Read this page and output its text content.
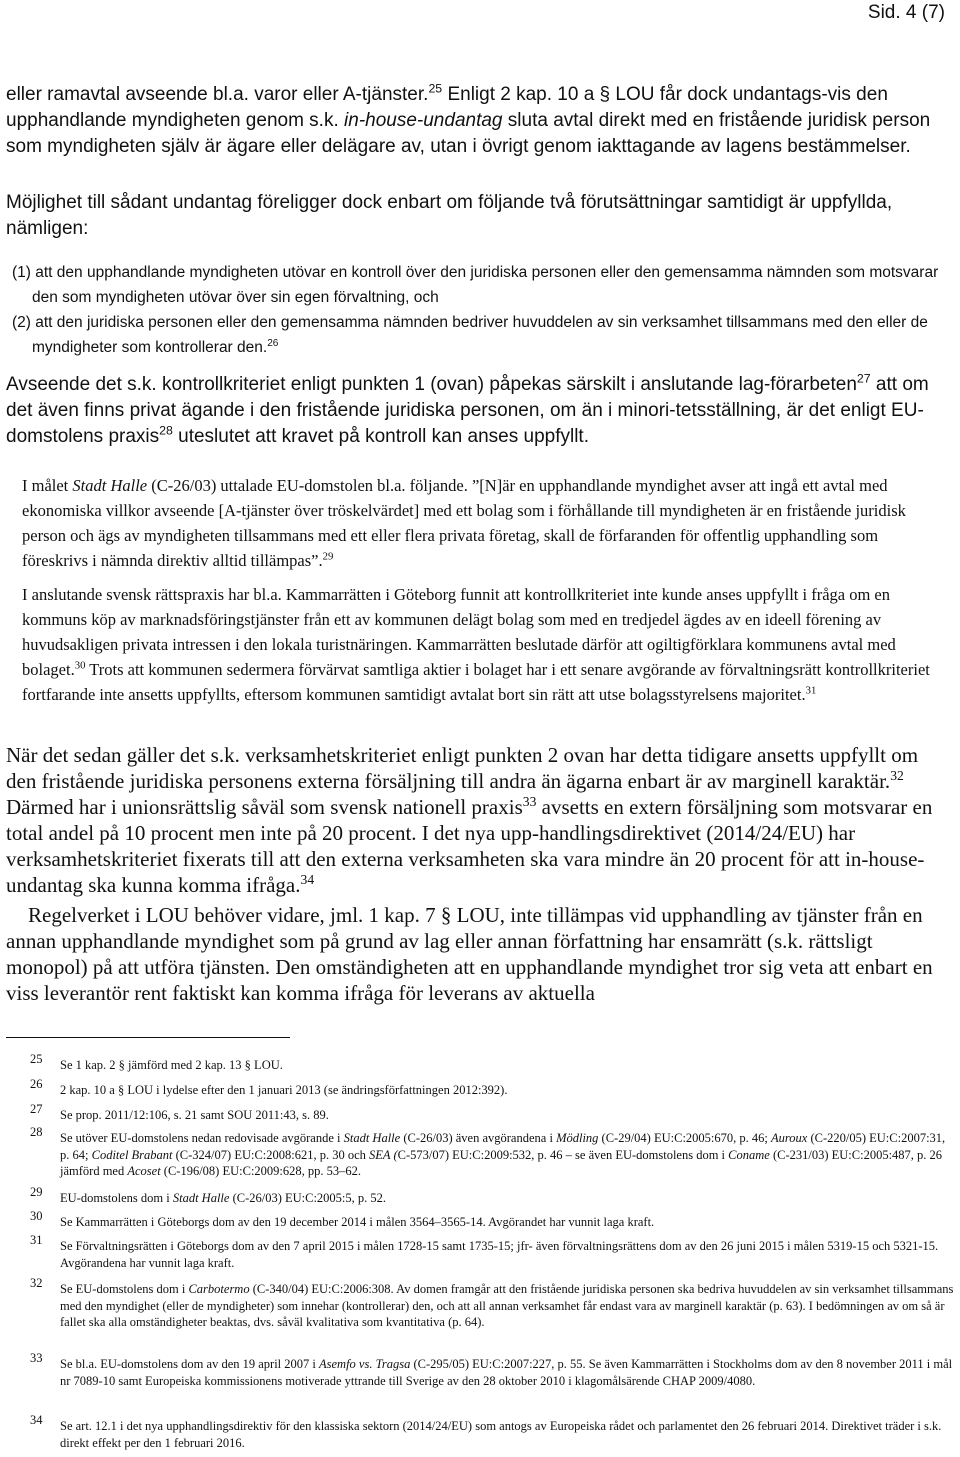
Sid. 4 (7)
eller ramavtal avseende bl.a. varor eller A-tjänster.$^{25}$ Enligt 2 kap. 10 a § LOU får dock undantags-vis den upphandlande myndigheten genom s.k. in-house-undantag sluta avtal direkt med en fristående juridisk person som myndigheten själv är ägare eller delägare av, utan i övrigt genom iakttagande av lagens bestämmelser.
Möjlighet till sådant undantag föreligger dock enbart om följande två förutsättningar samtidigt är uppfyllda, nämligen:
(1) att den upphandlande myndigheten utövar en kontroll över den juridiska personen eller den gemensamma nämnden som motsvarar den som myndigheten utövar över sin egen förvaltning, och
(2) att den juridiska personen eller den gemensamma nämnden bedriver huvuddelen av sin verksamhet tillsammans med den eller de myndigheter som kontrollerar den.$^{26}$
Avseende det s.k. kontrollkriteriet enligt punkten 1 (ovan) påpekas särskilt i anslutande lag-förarbeten$^{27}$ att om det även finns privat ägande i den fristående juridiska personen, om än i minori-tetsställning, är det enligt EU-domstolens praxis$^{28}$ uteslutet att kravet på kontroll kan anses uppfyllt.
I målet Stadt Halle (C-26/03) uttalade EU-domstolen bl.a. följande. ”[N]är en upphandlande myndighet avser att ingå ett avtal med ekonomiska villkor avseende [A-tjänster över tröskelvärdet] med ett bolag som i förhållande till myndigheten är en fristående juridisk person och ägs av myndigheten tillsammans med ett eller flera privata företag, skall de förfaranden för offentlig upphandling som föreskrivs i nämnda direktiv alltid tillämpas”.$^{29}$
I anslutande svensk rättspraxis har bl.a. Kammarrätten i Göteborg funnit att kontrollkriteriet inte kunde anses uppfyllt i fråga om en kommuns köp av marknadsföringstjänster från ett av kommunen delägt bolag som med en tredjedel ägdes av en ideell förening av huvudsakligen privata intressen i den lokala turistnäringen. Kammarrätten beslutade därför att ogiltigförklara kommunens avtal med bolaget.$^{30}$ Trots att kommunen sedermera förvärvat samtliga aktier i bolaget har i ett senare avgörande av förvaltningsrätt kontrollkriteriet fortfarande inte ansetts uppfyllts, eftersom kommunen samtidigt avtalat bort sin rätt att utse bolagsstyrelsens majoritet.$^{31}$
När det sedan gäller det s.k. verksamhetskriteriet enligt punkten 2 ovan har detta tidigare ansetts uppfyllt om den fristående juridiska personens externa försäljning till andra än ägarna enbart är av marginell karaktär.$^{32}$ Därmed har i unionsrättslig såväl som svensk nationell praxis$^{33}$ avsetts en extern försäljning som motsvarar en total andel på 10 procent men inte på 20 procent. I det nya upp-handlingsdirektivet (2014/24/EU) har verksamhetskriteriet fixerats till att den externa verksamheten ska vara mindre än 20 procent för att in-house-undantag ska kunna komma ifråga.$^{34}$
Regelverket i LOU behöver vidare, jml. 1 kap. 7 § LOU, inte tillämpas vid upphandling av tjänster från en annan upphandlande myndighet som på grund av lag eller annan författning har ensamrätt (s.k. rättsligt monopol) på att utföra tjänsten. Den omständigheten att en upphandlande myndighet tror sig veta att enbart en viss leverantör rent faktiskt kan komma ifråga för leverans av aktuella
25 Se 1 kap. 2 § jämförd med 2 kap. 13 § LOU.
26 2 kap. 10 a § LOU i lydelse efter den 1 januari 2013 (se ändringsförfattningen 2012:392).
27 Se prop. 2011/12:106, s. 21 samt SOU 2011:43, s. 89.
28 Se utöver EU-domstolens nedan redovisade avgörande i Stadt Halle (C-26/03) även avgörandena i Mödling (C-29/04) EU:C:2005:670, p. 46; Auroux (C-220/05) EU:C:2007:31, p. 64; Coditel Brabant (C-324/07) EU:C:2008:621, p. 30 och SEA (C-573/07) EU:C:2009:532, p. 46 – se även EU-domstolens dom i Coname (C-231/03) EU:C:2005:487, p. 26 jämförd med Acoset (C-196/08) EU:C:2009:628, pp. 53–62.
29 EU-domstolens dom i Stadt Halle (C-26/03) EU:C:2005:5, p. 52.
30 Se Kammarrätten i Göteborgs dom av den 19 december 2014 i målen 3564–3565-14. Avgörandet har vunnit laga kraft.
31 Se Förvaltningsrätten i Göteborgs dom av den 7 april 2015 i målen 1728-15 samt 1735-15; jfr- även förvaltningsrättens dom av den 26 juni 2015 i målen 5319-15 och 5321-15. Avgörandena har vunnit laga kraft.
32 Se EU-domstolens dom i Carbotermo (C-340/04) EU:C:2006:308. Av domen framgår att den fristående juridiska personen ska bedriva huvuddelen av sin verksamhet tillsammans med den myndighet (eller de myndigheter) som innehar (kontrollerar) den, och att all annan verksamhet får endast vara av marginell karaktär (p. 63). I bedömningen av om så är fallet ska alla omständigheter beaktas, dvs. såväl kvalitativa som kvantitativa (p. 64).
33 Se bl.a. EU-domstolens dom av den 19 april 2007 i Asemfo vs. Tragsa (C-295/05) EU:C:2007:227, p. 55. Se även Kammarrätten i Stockholms dom av den 8 november 2011 i mål nr 7089-10 samt Europeiska kommissionens motiverade yttrande till Sverige av den 28 oktober 2010 i klagomålsärende CHAP 2009/4080.
34 Se art. 12.1 i det nya upphandlingsdirektiv för den klassiska sektorn (2014/24/EU) som antogs av Europeiska rådet och parlamentet den 26 februari 2014. Direktivet träder i s.k. direkt effekt per den 1 februari 2016.
